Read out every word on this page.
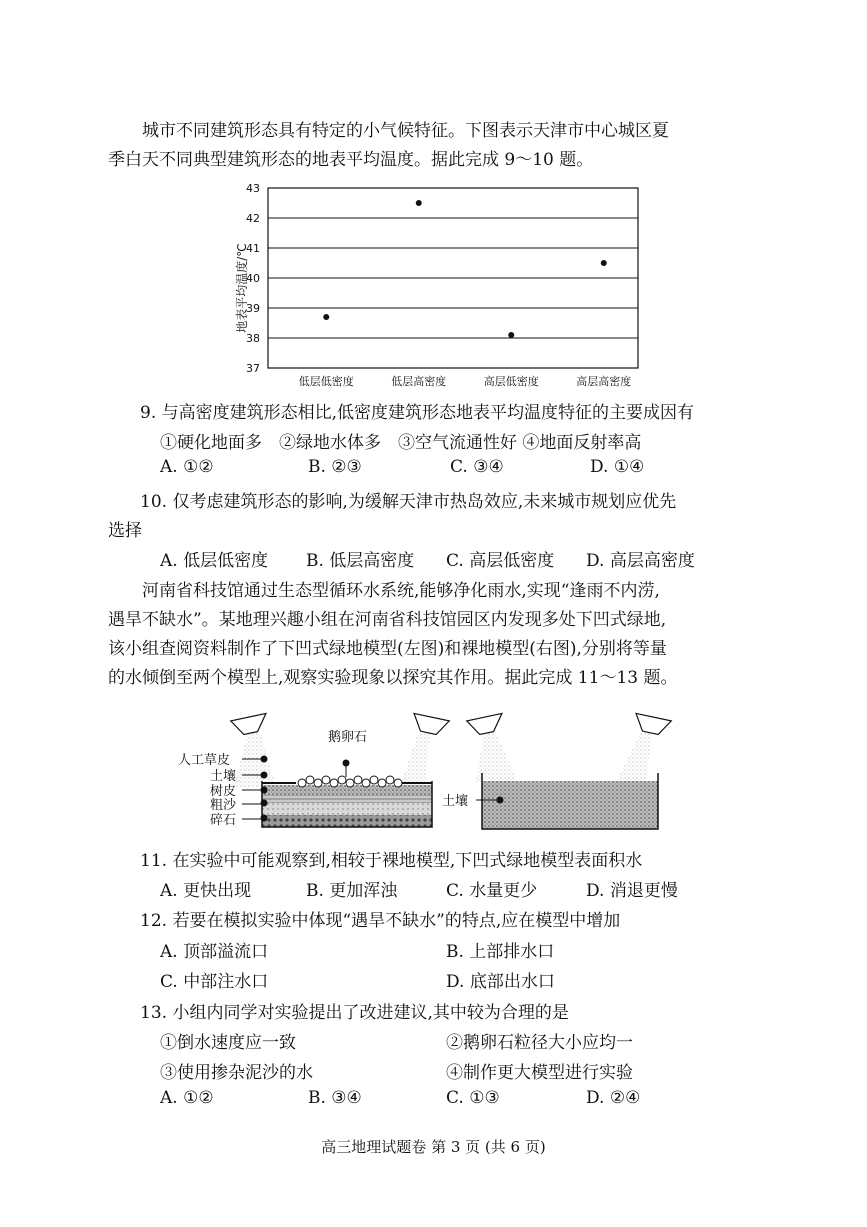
城市不同建筑形态具有特定的小气候特征。下图表示天津市中心城区夏
季白天不同典型建筑形态的地表平均温度。据此完成 9～10 题。
37
38
39
40
41
42
43
低层低密度	低层高密度	高层低密度	高层高密度
地表平均温度/℃
9. 与高密度建筑形态相比,低密度建筑形态地表平均温度特征的主要成因有
①硬化地面多　②绿地水体多　③空气流通性好 ④地面反射率高
A. ①②	B. ②③	C. ③④	D. ①④
10. 仅考虑建筑形态的影响,为缓解天津市热岛效应,未来城市规划应优先
选择
A. 低层低密度 B. 低层高密度 C. 高层低密度 D. 高层高密度
河南省科技馆通过生态型循环水系统,能够净化雨水,实现“逢雨不内涝,
遇旱不缺水”。某地理兴趣小组在河南省科技馆园区内发现多处下凹式绿地,
该小组查阅资料制作了下凹式绿地模型(左图)和裸地模型(右图),分别将等量
的水倾倒至两个模型上,观察实验现象以探究其作用。据此完成 11～13 题。
鹅卵石
人工草皮
土壤
树皮
粗沙
碎石
土壤
11. 在实验中可能观察到,相较于裸地模型,下凹式绿地模型表面积水
A. 更快出现	B. 更加浑浊	C. 水量更少	D. 消退更慢
12. 若要在模拟实验中体现“遇旱不缺水”的特点,应在模型中增加
A. 顶部溢流口	B. 上部排水口
C. 中部注水口	D. 底部出水口
13. 小组内同学对实验提出了改进建议,其中较为合理的是
①倒水速度应一致	②鹅卵石粒径大小应均一
③使用掺杂泥沙的水	④制作更大模型进行实验
A. ①②	B. ③④	C. ①③	D. ②④
高三地理试题卷 第 3 页 (共 6 页)
